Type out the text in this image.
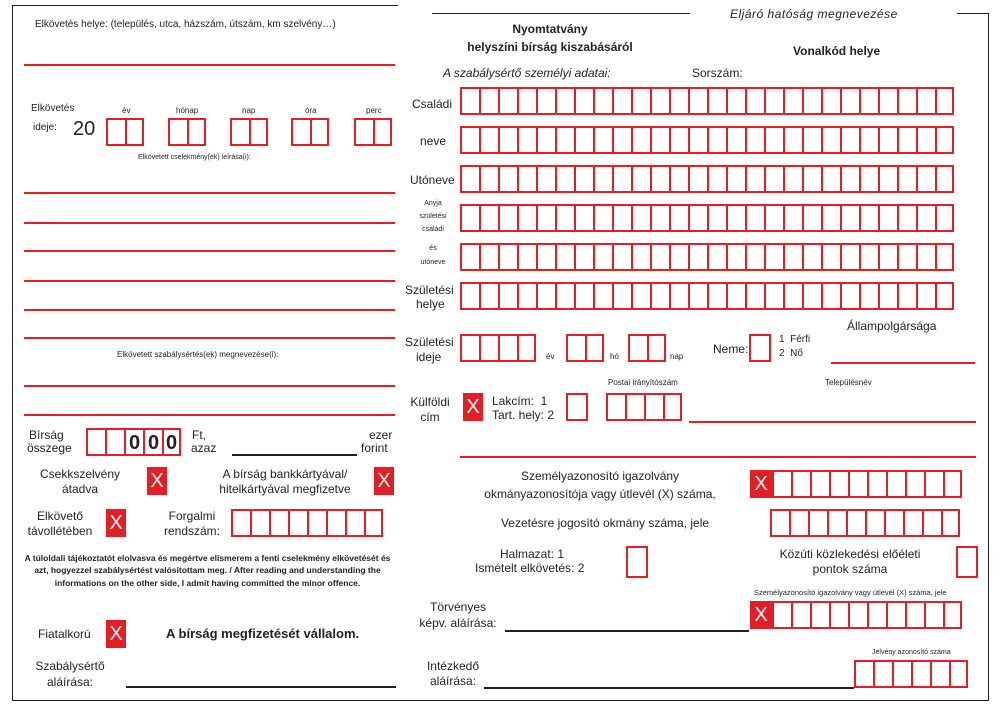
Eljáró hatóság megnevezése
Nyomtatvány
helyszíni bírság kiszabásáról	Vonalkód helye
A szabálysértő személyi adatai:	Sorszám:
Elkövetés helye: (település, utca, házszám, útszám, km szelvény…)
Elkövetés
ideje: 20
év	hónap	nap	óra	perc
Elkövetett cselekmény(ek) leírása(i):
Elkövetett szabálysértés(ek) megnevezése(i):
Bírság
összege	0 0 0	Ft,
azaz
ezer
forint
Csekkszelvény
átadva	X	A bírság bankkártyával/
hitelkártyával megfizetve	X
Elkövető
távollétében X	Forgalmi
rendszám:
A túloldali tájékoztatót elolvasva és megértve elismerem a fenti cselekmény elkövetését és azt, hogyezzel szabálysértést valósítottam meg. / After reading and understanding the informations on the other side, I admit having committed the minor offence.
Fiatalkorú X	A bírság megfizetését vállalom.
Szabálysértő
aláírása:
Családi
neve
Utóneve
Anyja
születési
családi
és
utóneve
Születési
helye
Születési
ideje	év	hó	nap
Neme:
1  Férfi
2  Nő
Állampolgársága
Postai irányítószám	Településnév
Külföldi
cím	X Lakcím:  1
Tart. hely: 2
Személyazonosító igazolvány
okmányazonosítója vagy útlevél (X) száma,	X
Vezetésre jogosító okmány száma, jele
Halmazat: 1
Ismételt elkövetés: 2
Közúti közlekedési előéleti
pontok száma
Személyazonosító igazolvány vagy útlevél (X) száma, jele
Törvényes
képv. aláírása:	X
Jelvény azonosító száma
Intézkedő
aláírása:
